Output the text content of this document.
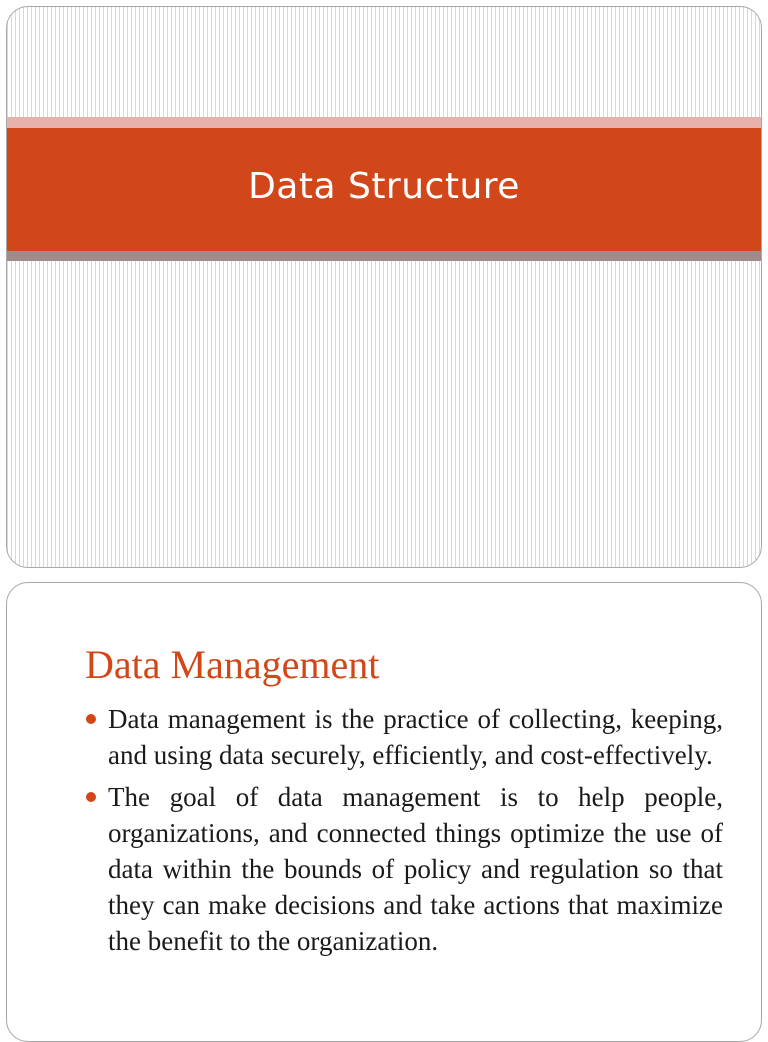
Data Structure
Data Management
Data management is the practice of collecting, keeping, and using data securely, efficiently, and cost-effectively.
The goal of data management is to help people, organizations, and connected things optimize the use of data within the bounds of policy and regulation so that they can make decisions and take actions that maximize the benefit to the organization.
